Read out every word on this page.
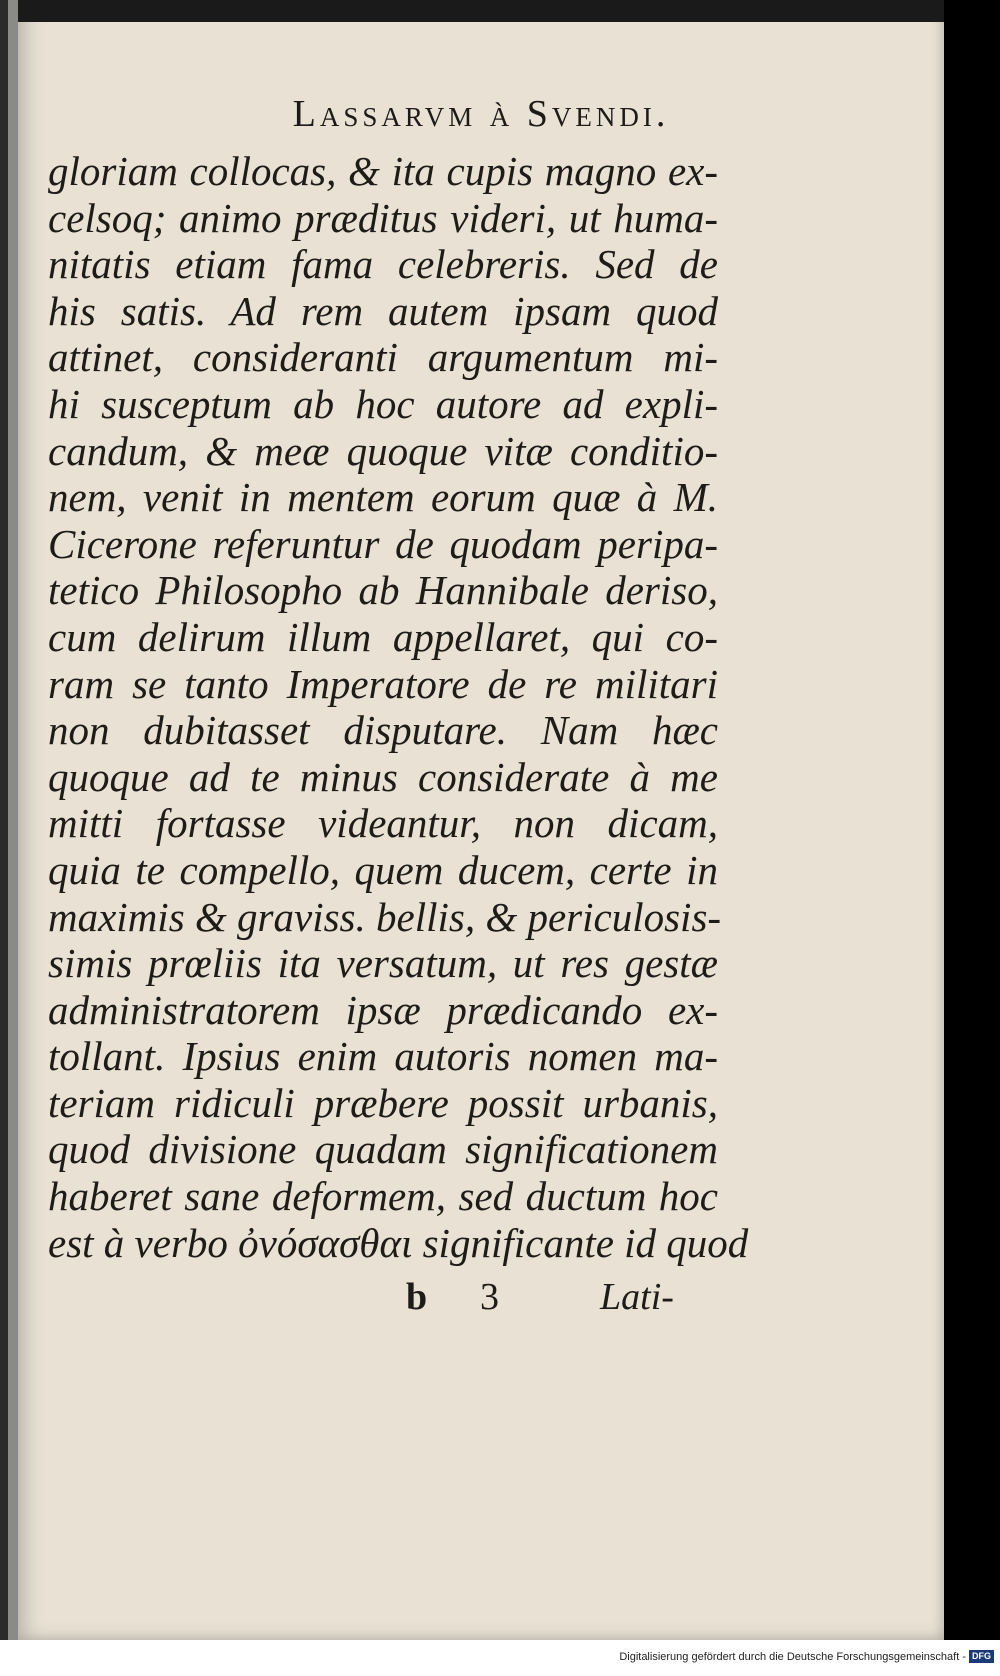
Lassarvm à Svendi.
gloriam collocas, & ita cupis magno ex-
celsoq; animo præditus videri, ut huma-
nitatis etiam fama celebreris. Sed de
his satis. Ad rem autem ipsam quod
attinet, consideranti argumentum mi-
hi susceptum ab hoc autore ad expli-
candum, & meæ quoque vitæ conditio-
nem, venit in mentem eorum quæ à M.
Cicerone referuntur de quodam peripa-
tetico Philosopho ab Hannibale deriso,
cum delirum illum appellaret, qui co-
ram se tanto Imperatore de re militari
non dubitasset disputare. Nam hæc
quoque ad te minus considerate à me
mitti fortasse videantur, non dicam,
quia te compello, quem ducem, certe in
maximis & graviss. bellis, & periculosis-
simis prœliis ita versatum, ut res gestæ
administratorem ipsæ prædicando ex-
tollant. Ipsius enim autoris nomen ma-
teriam ridiculi præbere possit urbanis,
quod divisione quadam significationem
haberet sane deformem, sed ductum hoc
est à verbo ὀνόσασθαι significante id quod
b 3	Lati-
Digitalisierung gefördert durch die Deutsche Forschungsgemeinschaft - DFG
